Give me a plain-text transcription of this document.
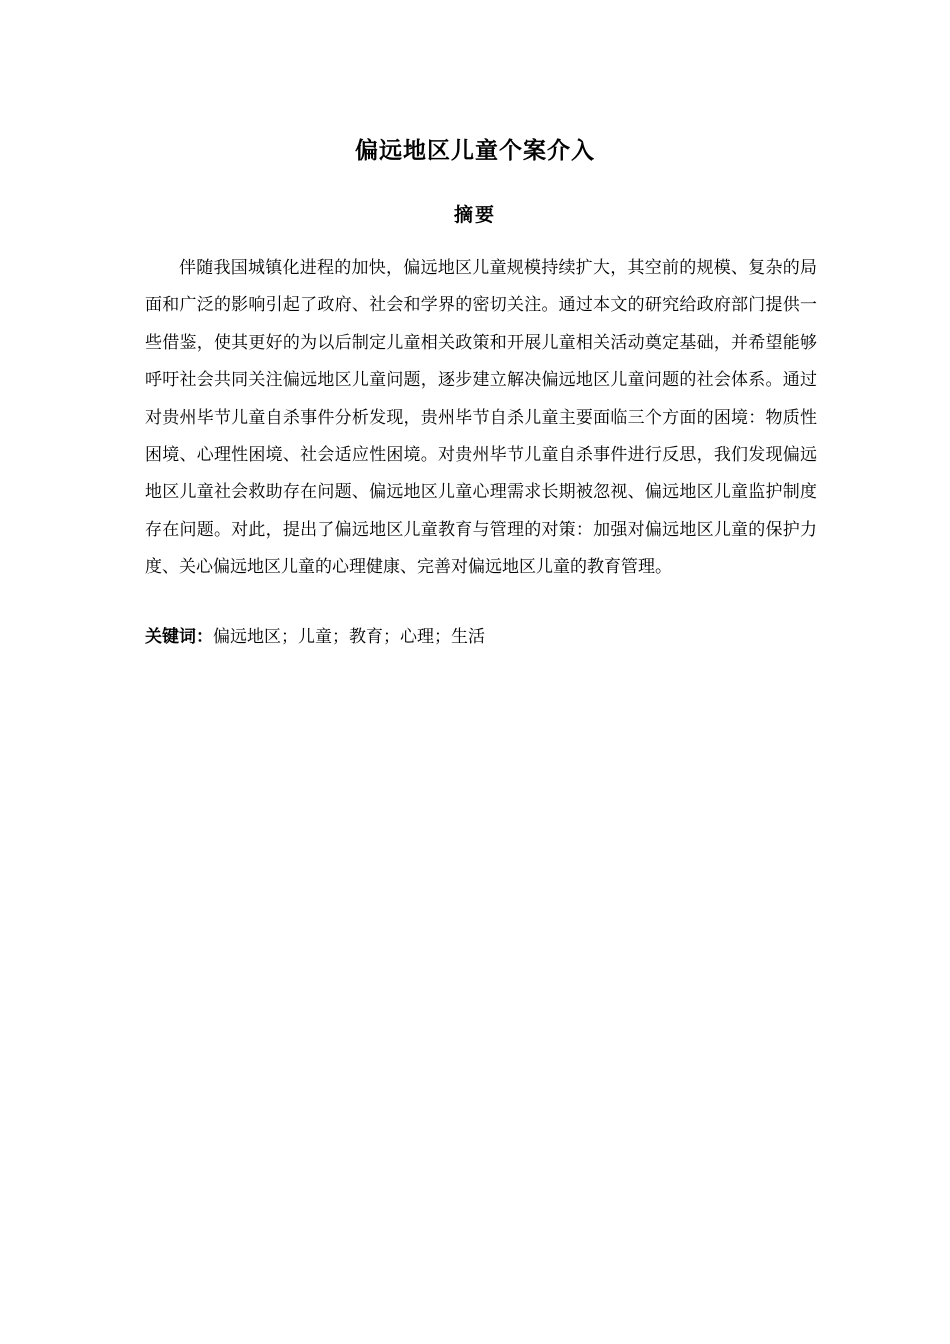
偏远地区儿童个案介入
摘要

伴随我国城镇化进程的加快，偏远地区儿童规模持续扩大，其空前的规模、复杂的局面和广泛的影响引起了政府、社会和学界的密切关注。通过本文的研究给政府部门提供一些借鉴，使其更好的为以后制定儿童相关政策和开展儿童相关活动奠定基础，并希望能够呼吁社会共同关注偏远地区儿童问题，逐步建立解决偏远地区儿童问题的社会体系。通过对贵州毕节儿童自杀事件分析发现，贵州毕节自杀儿童主要面临三个方面的困境：物质性困境、心理性困境、社会适应性困境。对贵州毕节儿童自杀事件进行反思，我们发现偏远地区儿童社会救助存在问题、偏远地区儿童心理需求长期被忽视、偏远地区儿童监护制度存在问题。对此，提出了偏远地区儿童教育与管理的对策：加强对偏远地区儿童的保护力度、关心偏远地区儿童的心理健康、完善对偏远地区儿童的教育管理。

关键词：偏远地区；儿童；教育；心理；生活
